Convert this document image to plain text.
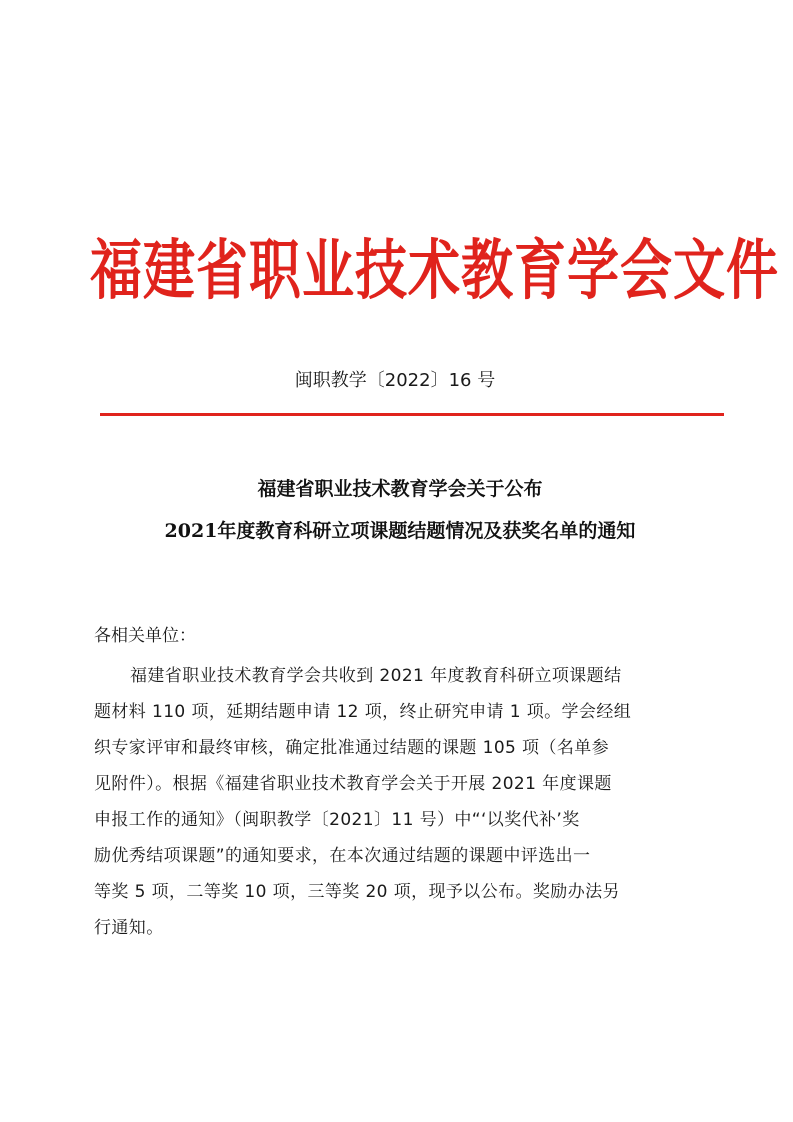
福建省职业技术教育学会文件
闽职教学〔2022〕16 号
福建省职业技术教育学会关于公布
2021年度教育科研立项课题结题情况及获奖名单的通知
各相关单位：
福建省职业技术教育学会共收到 2021 年度教育科研立项课题结
题材料 110 项，延期结题申请 12 项，终止研究申请 1 项。学会经组
织专家评审和最终审核，确定批准通过结题的课题 105 项（名单参
见附件）。根据《福建省职业技术教育学会关于开展 2021 年度课题
申报工作的通知》（闽职教学〔2021〕11 号）中“‘以奖代补’奖
励优秀结项课题”的通知要求，在本次通过结题的课题中评选出一
等奖 5 项，二等奖 10 项，三等奖 20 项，现予以公布。奖励办法另
行通知。
